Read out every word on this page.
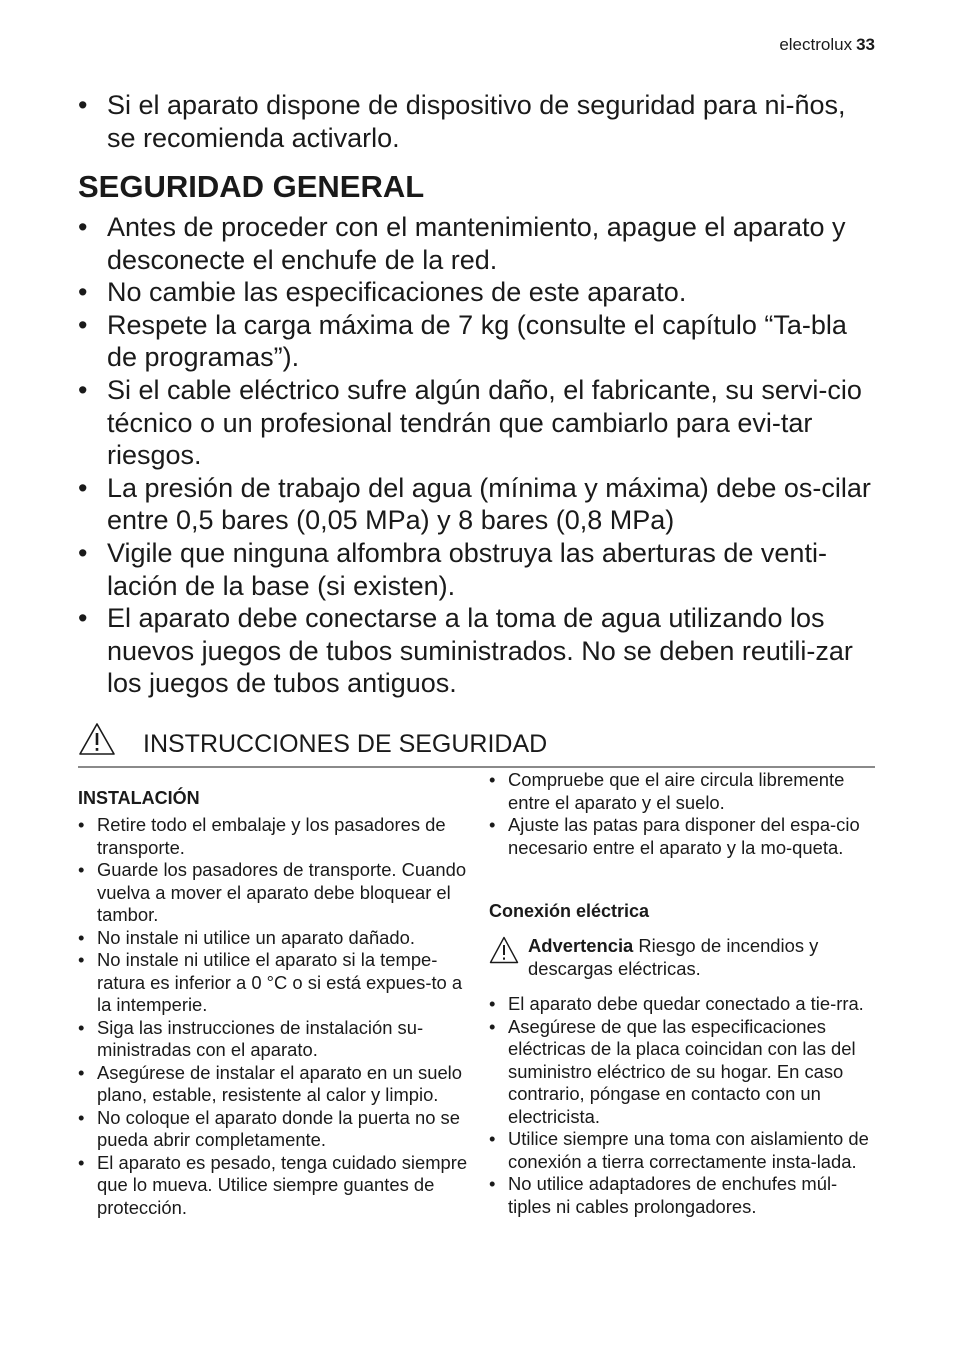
electrolux 33
• Si el aparato dispone de dispositivo de seguridad para ni-ños, se recomienda activarlo.
SEGURIDAD GENERAL
• Antes de proceder con el mantenimiento, apague el aparato y desconecte el enchufe de la red.
• No cambie las especificaciones de este aparato.
• Respete la carga máxima de 7 kg (consulte el capítulo “Ta-bla de programas”).
• Si el cable eléctrico sufre algún daño, el fabricante, su servi-cio técnico o un profesional tendrán que cambiarlo para evi-tar riesgos.
• La presión de trabajo del agua (mínima y máxima) debe os-cilar entre 0,5 bares (0,05 MPa) y 8 bares (0,8 MPa)
• Vigile que ninguna alfombra obstruya las aberturas de venti-lación de la base (si existen).
• El aparato debe conectarse a la toma de agua utilizando los nuevos juegos de tubos suministrados. No se deben reutili-zar los juegos de tubos antiguos.
INSTRUCCIONES DE SEGURIDAD

INSTALACIÓN

• Retire todo el embalaje y los pasadores de transporte.
• Guarde los pasadores de transporte. Cuando vuelva a mover el aparato debe bloquear el tambor.
• No instale ni utilice un aparato dañado.
• No instale ni utilice el aparato si la tempe-ratura es inferior a 0 °C o si está expues-to a la intemperie.
• Siga las instrucciones de instalación su-ministradas con el aparato.
• Asegúrese de instalar el aparato en un suelo plano, estable, resistente al calor y limpio.
• No coloque el aparato donde la puerta no se pueda abrir completamente.
• El aparato es pesado, tenga cuidado siempre que lo mueva. Utilice siempre guantes de protección.
• Compruebe que el aire circula libremente entre el aparato y el suelo.
• Ajuste las patas para disponer del espa-cio necesario entre el aparato y la mo-queta.

Conexión eléctrica

Advertencia Riesgo de incendios y descargas eléctricas.
• El aparato debe quedar conectado a tie-rra.
• Asegúrese de que las especificaciones eléctricas de la placa coincidan con las del suministro eléctrico de su hogar. En caso contrario, póngase en contacto con un electricista.
• Utilice siempre una toma con aislamiento de conexión a tierra correctamente insta-lada.
• No utilice adaptadores de enchufes múl-tiples ni cables prolongadores.
